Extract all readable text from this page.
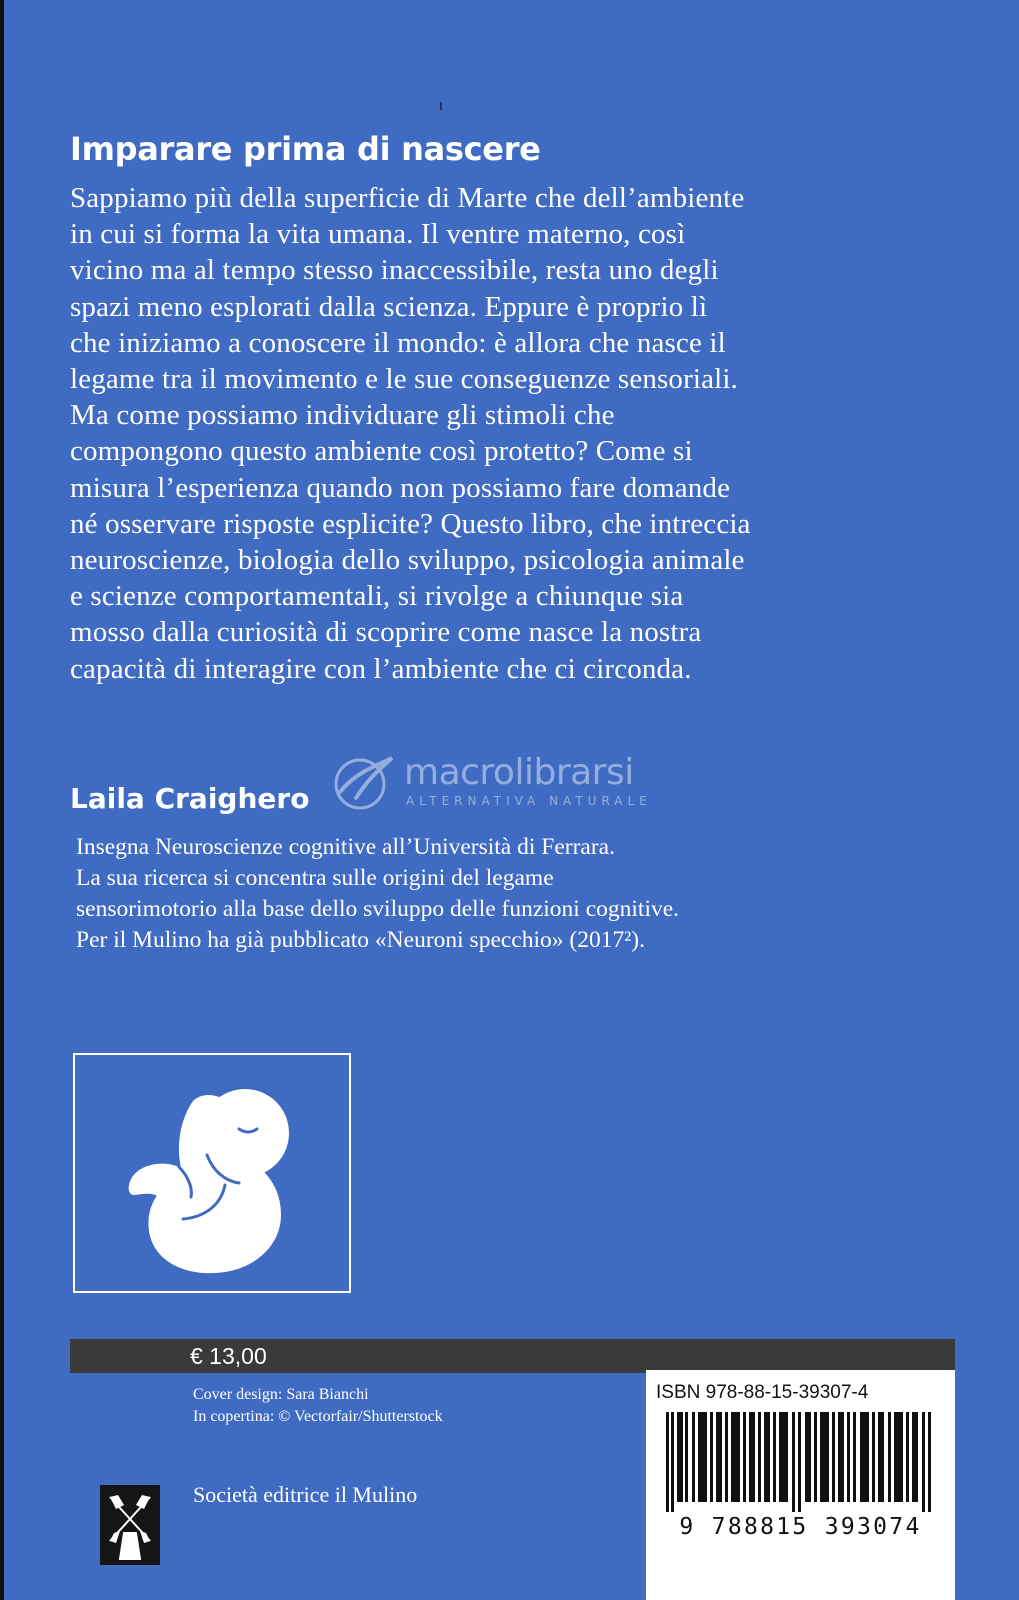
Imparare prima di nascere
Sappiamo più della superficie di Marte che dell’ambiente
in cui si forma la vita umana. Il ventre materno, così
vicino ma al tempo stesso inaccessibile, resta uno degli
spazi meno esplorati dalla scienza. Eppure è proprio lì
che iniziamo a conoscere il mondo: è allora che nasce il
legame tra il movimento e le sue conseguenze sensoriali.
Ma come possiamo individuare gli stimoli che
compongono questo ambiente così protetto? Come si
misura l’esperienza quando non possiamo fare domande
né osservare risposte esplicite? Questo libro, che intreccia
neuroscienze, biologia dello sviluppo, psicologia animale
e scienze comportamentali, si rivolge a chiunque sia
mosso dalla curiosità di scoprire come nasce la nostra
capacità di interagire con l’ambiente che ci circonda.
macrolibrarsi
ALTERNATIVA NATURALE
Laila Craighero
Insegna Neuroscienze cognitive all’Università di Ferrara.
La sua ricerca si concentra sulle origini del legame
sensorimotorio alla base dello sviluppo delle funzioni cognitive.
Per il Mulino ha già pubblicato «Neuroni specchio» (2017²).
€ 13,00
Cover design: Sara Bianchi
In copertina: © Vectorfair/Shutterstock
Società editrice il Mulino
ISBN 978-88-15-39307-4
9 788815 393074
